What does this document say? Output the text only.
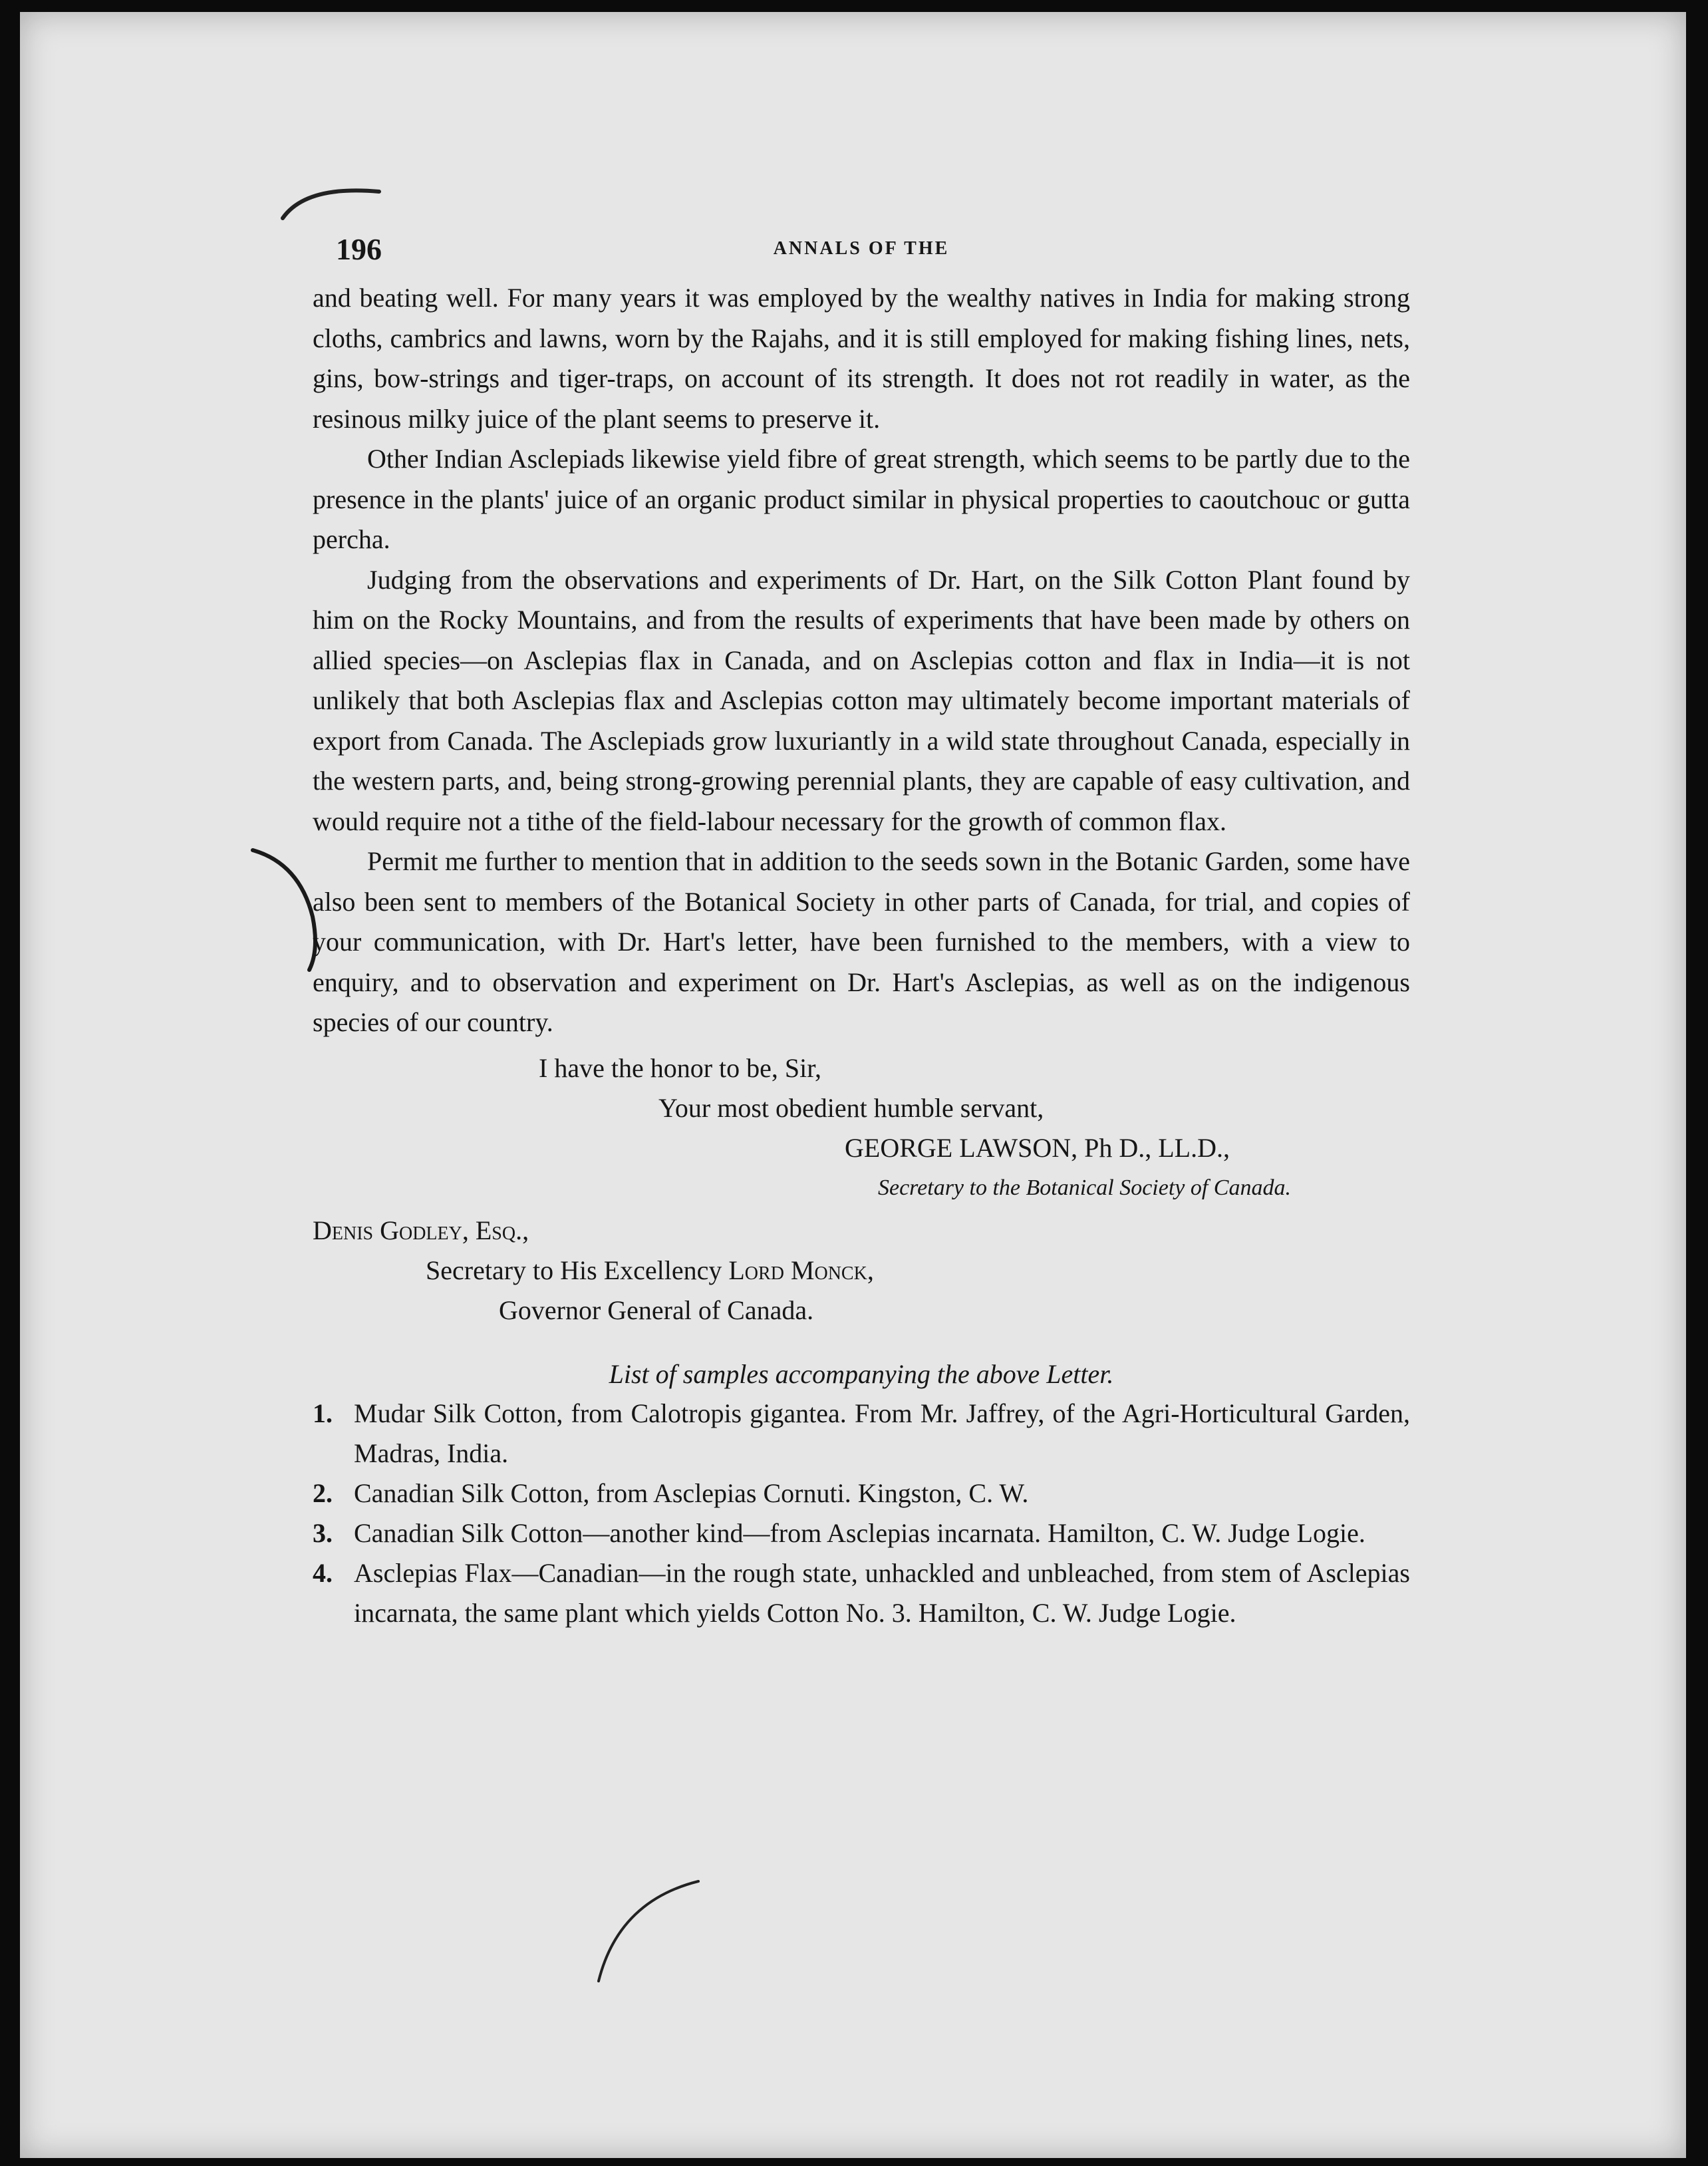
196	ANNALS OF THE

and beating well. For many years it was employed by the wealthy natives in India for making strong cloths, cambrics and lawns, worn by the Rajahs, and it is still employed for making fishing lines, nets, gins, bow-strings and tiger-traps, on account of its strength. It does not rot readily in water, as the resinous milky juice of the plant seems to preserve it.

Other Indian Asclepiads likewise yield fibre of great strength, which seems to be partly due to the presence in the plants' juice of an organic product similar in physical properties to caoutchouc or gutta percha.

Judging from the observations and experiments of Dr. Hart, on the Silk Cotton Plant found by him on the Rocky Mountains, and from the results of experiments that have been made by others on allied species—on Asclepias flax in Canada, and on Asclepias cotton and flax in India—it is not unlikely that both Asclepias flax and Asclepias cotton may ultimately become important materials of export from Canada. The Asclepiads grow luxuriantly in a wild state throughout Canada, especially in the western parts, and, being strong-growing perennial plants, they are capable of easy cultivation, and would require not a tithe of the field-labour necessary for the growth of common flax.

Permit me further to mention that in addition to the seeds sown in the Botanic Garden, some have also been sent to members of the Botanical Society in other parts of Canada, for trial, and copies of your communication, with Dr. Hart's letter, have been furnished to the members, with a view to enquiry, and to observation and experiment on Dr. Hart's Asclepias, as well as on the indigenous species of our country.

I have the honor to be, Sir,
Your most obedient humble servant,
GEORGE LAWSON, Ph D., LL.D.,
Secretary to the Botanical Society of Canada.
Denis Godley, Esq.,
Secretary to His Excellency Lord Monck,
Governor General of Canada.
List of samples accompanying the above Letter.
1. Mudar Silk Cotton, from Calotropis gigantea. From Mr. Jaffrey, of the Agri-Horticultural Garden, Madras, India.
2. Canadian Silk Cotton, from Asclepias Cornuti. Kingston, C. W.
3. Canadian Silk Cotton—another kind—from Asclepias incarnata. Hamilton, C. W. Judge Logie.
4. Asclepias Flax—Canadian—in the rough state, unhackled and unbleached, from stem of Asclepias incarnata, the same plant which yields Cotton No. 3. Hamilton, C. W. Judge Logie.
